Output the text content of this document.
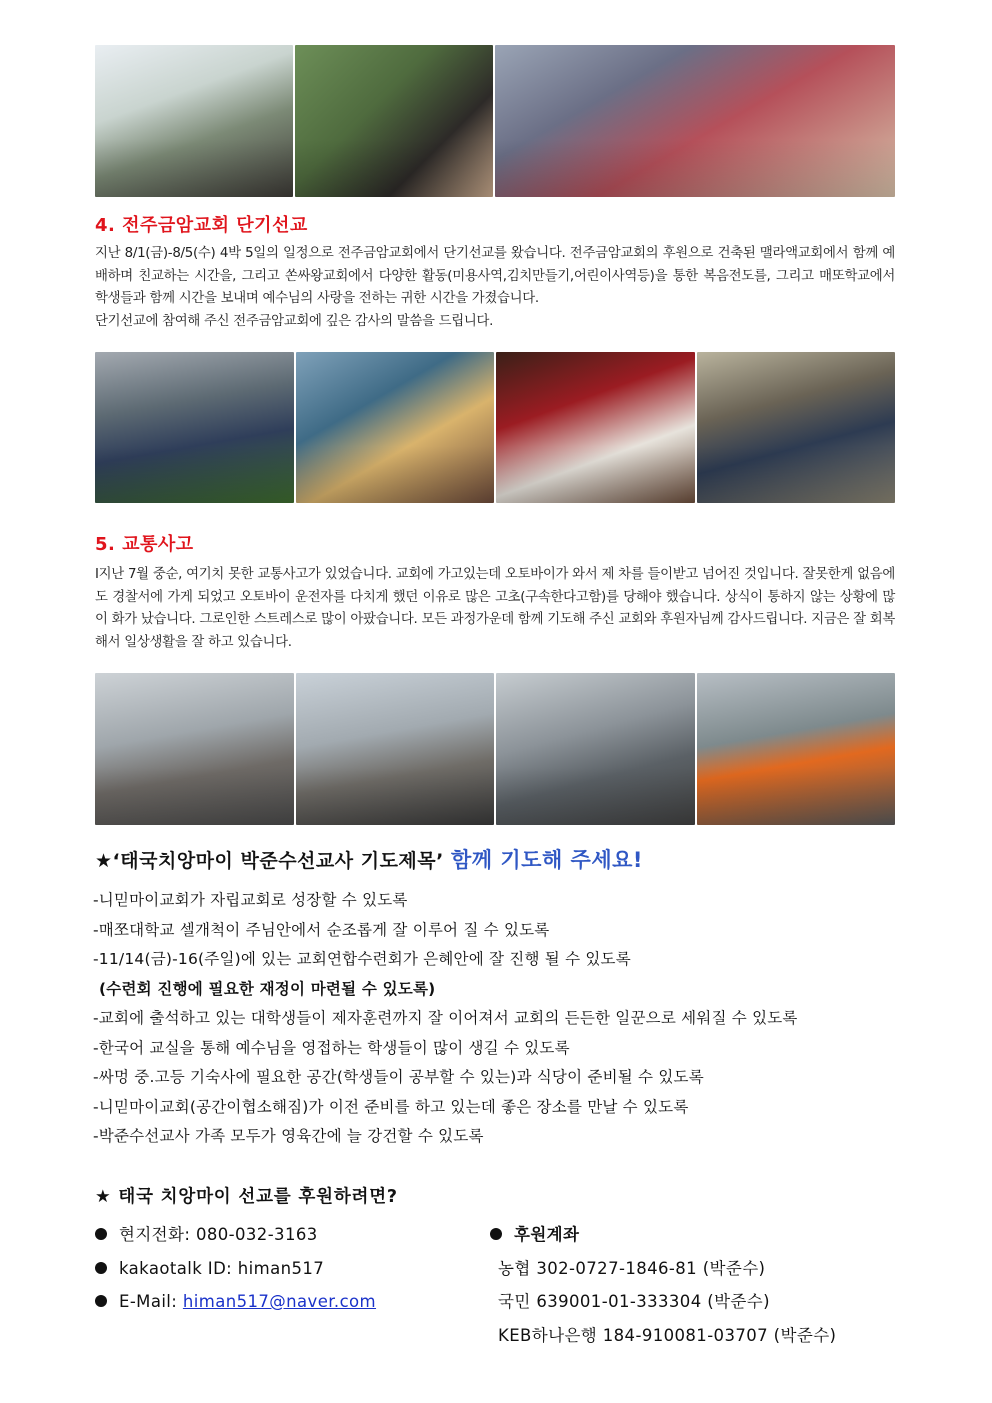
4. 전주금암교회 단기선교

지난 8/1(금)-8/5(수) 4박 5일의 일정으로 전주금암교회에서 단기선교를 왔습니다. 전주금암교회의 후원으로 건축된 맬라액교회에서 함께 예배하며 친교하는 시간을, 그리고 쏜싸왕교회에서 다양한 활동(미용사역,김치만들기,어린이사역등)을 통한 복음전도를, 그리고 매또학교에서 학생들과 함께 시간을 보내며 예수님의 사랑을 전하는 귀한 시간을 가졌습니다.

단기선교에 참여해 주신 전주금암교회에 깊은 감사의 말씀을 드립니다.

5. 교통사고

I지난 7월 중순, 여기치 못한 교통사고가 있었습니다. 교회에 가고있는데 오토바이가 와서 제 차를 들이받고 넘어진 것입니다. 잘못한게 없음에도 경찰서에 가게 되었고 오토바이 운전자를 다치게 했던 이유로 많은 고초(구속한다고함)를 당해야 했습니다. 상식이 통하지 않는 상황에 많이 화가 났습니다. 그로인한 스트레스로 많이 아팠습니다. 모든 과정가운데 함께 기도해 주신 교회와 후원자님께 감사드립니다. 지금은 잘 회복해서 일상생활을 잘 하고 있습니다.

★‘태국치앙마이 박준수선교사 기도제목’ 함께 기도해 주세요!
-니믿마이교회가 자립교회로 성장할 수 있도록
-매쪼대학교 셀개척이 주님안에서 순조롭게 잘 이루어 질 수 있도록
-11/14(금)-16(주일)에 있는 교회연합수련회가 은혜안에 잘 진행 될 수 있도록
(수련회 진행에 필요한 재정이 마련될 수 있도록)
-교회에 출석하고 있는 대학생들이 제자훈련까지 잘 이어져서 교회의 든든한 일꾼으로 세워질 수 있도록
-한국어 교실을 통해 예수님을 영접하는 학생들이 많이 생길 수 있도록
-싸멍 중.고등 기숙사에 필요한 공간(학생들이 공부할 수 있는)과 식당이 준비될 수 있도록
-니믿마이교회(공간이협소해짐)가 이전 준비를 하고 있는데 좋은 장소를 만날 수 있도록
-박준수선교사 가족 모두가 영육간에 늘 강건할 수 있도록
★ 태국 치앙마이 선교를 후원하려면?
현지전화: 080-032-3163
kakaotalk ID: himan517
E-Mail: himan517@naver.com
후원계좌
농협 302-0727-1846-81 (박준수)
국민 639001-01-333304 (박준수)
KEB하나은행 184-910081-03707 (박준수)
